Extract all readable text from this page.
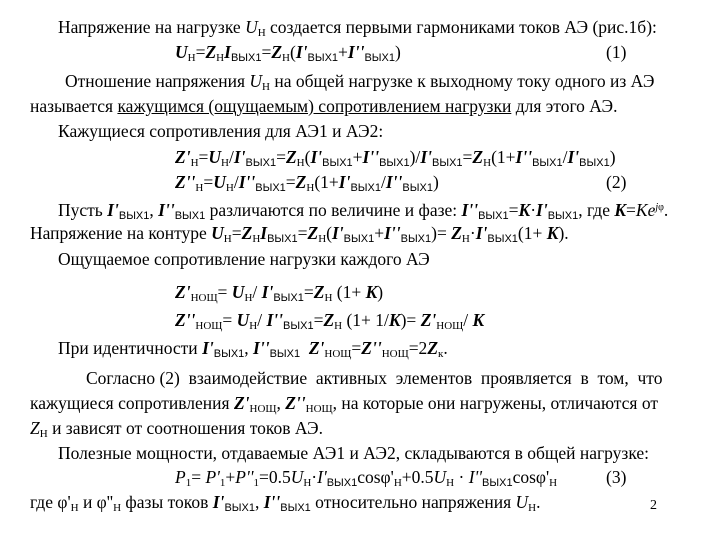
Напряжение на нагрузке $U_Н$ создается первыми гармониками токов АЭ (рис.1б):
$U_Н=Z_НI_{ВЫХ1}=Z_Н(I'_{ВЫХ1}+I''_{ВЫХ1})$	(1)
Отношение напряжения $U_Н$ на общей нагрузке к выходному току одного из АЭ
называется кажущимся (ощущаемым) сопротивлением нагрузки для этого АЭ.
Кажущиеся сопротивления для АЭ1 и АЭ2:
$Z'_Н=U_Н/I'_{ВЫХ1}=Z_Н(I'_{ВЫХ1}+I''_{ВЫХ1})/I'_{ВЫХ1}=Z_Н(1+I''_{ВЫХ1}/I'_{ВЫХ1})$
$Z''_Н=U_Н/I''_{ВЫХ1}=Z_Н(1+I'_{ВЫХ1}/I''_{ВЫХ1})$	(2)
Пусть $I'_{ВЫХ1}$, $I''_{ВЫХ1}$ различаются по величине и фазе: $I''_{ВЫХ1}=K\cdot I'_{ВЫХ1}$, где $K=Ke^{j\varphi}$.
Напряжение на контуре $U_Н=Z_НI_{ВЫХ1}=Z_Н(I'_{ВЫХ1}+I''_{ВЫХ1})= Z_Н\cdot I'_{ВЫХ1}(1+ K)$.
Ощущаемое сопротивление нагрузки каждого АЭ
$Z'_{НОЩ}= U_Н/$ $I'_{ВЫХ1}=Z_Н$ (1+ K)
$Z''_{НОЩ}= U_Н/$ $I''_{ВЫХ1}=Z_Н$ $(1+ 1/K)= Z'_{НОЩ}/$ K
При идентичности $I'_{ВЫХ1}$, $I''_{ВЫХ1}$ $Z'_{НОЩ}=Z''_{НОЩ}=2Z_к$.
Согласно (2)  взаимодействие  активных  элементов  проявляется  в  том,  что
кажущиеся сопротивления $Z'_{НОЩ}$, $Z''_{НОЩ}$, на которые они нагружены, отличаются от
$Z_Н$ и зависят от соотношения токов АЭ.
Полезные мощности, отдаваемые АЭ1 и АЭ2, складываются в общей нагрузке:
$P_1= P'_1+P''_1=0.5U_Н\cdot I'_{ВЫХ1}\cos\varphi'_Н+0.5U_Н \cdot I''_{ВЫХ1}\cos\varphi'_Н$	(3)
где $\varphi'_Н$ и $\varphi''_Н$ фазы токов $I'_{ВЫХ1}$, $I''_{ВЫХ1}$ относительно напряжения $U_Н$.	2
